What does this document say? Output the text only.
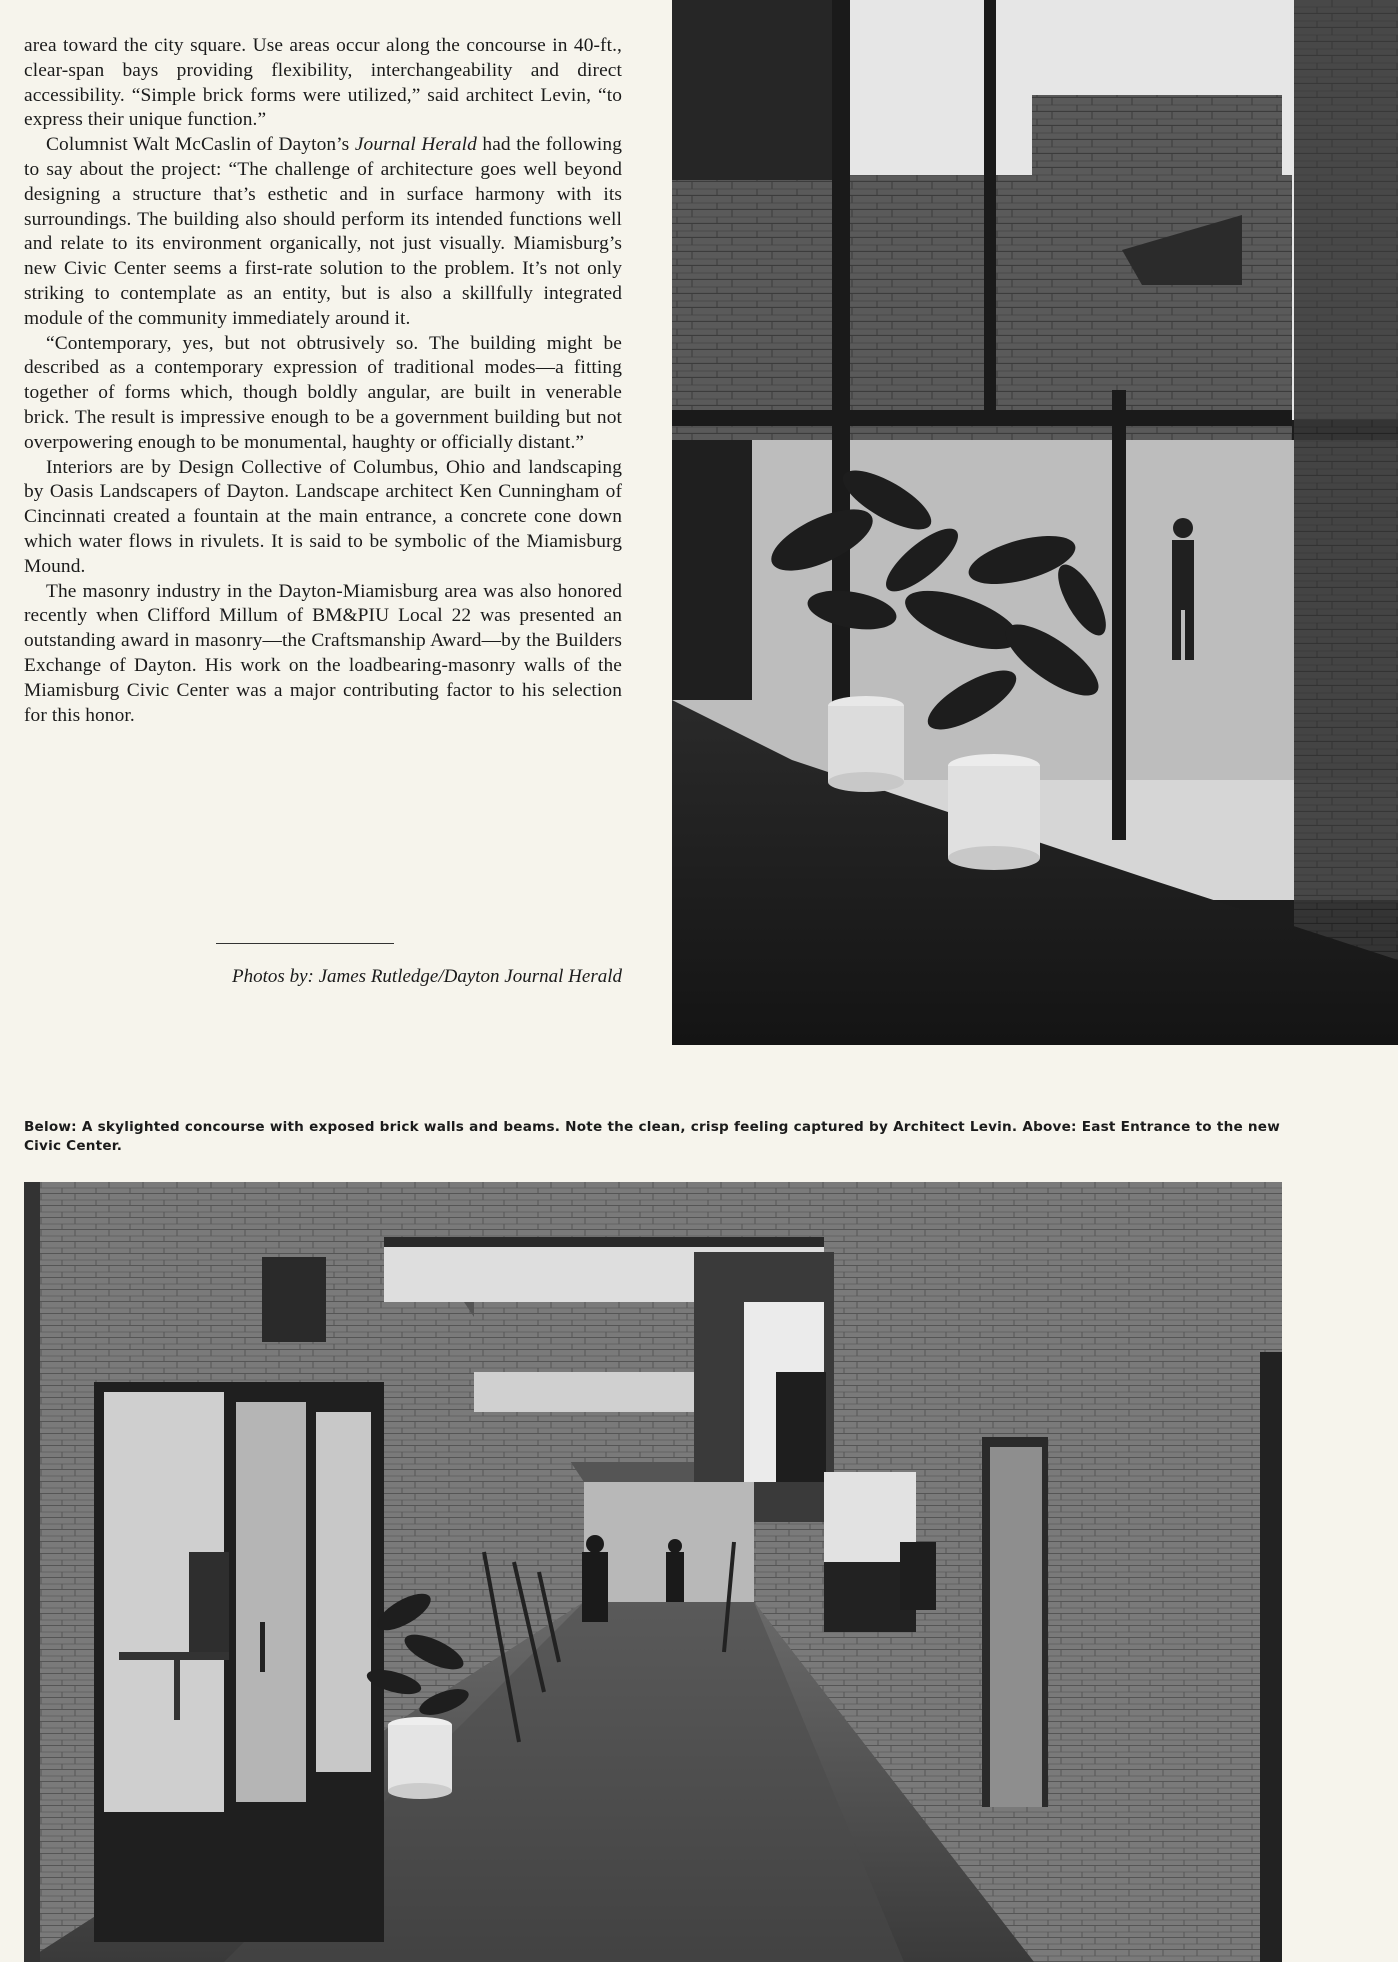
area toward the city square. Use areas occur along the concourse in 40-ft., clear-span bays providing flexibility, interchangeability and direct accessibility. “Simple brick forms were utilized,” said architect Levin, “to express their unique function.”

Columnist Walt McCaslin of Dayton’s Journal Herald had the following to say about the project: “The challenge of architecture goes well beyond designing a structure that’s esthetic and in surface harmony with its surroundings. The building also should perform its intended functions well and relate to its environment organically, not just visually. Miamisburg’s new Civic Center seems a first-rate solution to the problem. It’s not only striking to contemplate as an entity, but is also a skillfully integrated module of the community immediately around it.

“Contemporary, yes, but not obtrusively so. The building might be described as a contemporary expression of traditional modes—a fitting together of forms which, though boldly angular, are built in venerable brick. The result is impressive enough to be a government building but not overpowering enough to be monumental, haughty or officially distant.”

Interiors are by Design Collective of Columbus, Ohio and landscaping by Oasis Landscapers of Dayton. Landscape architect Ken Cunningham of Cincinnati created a fountain at the main entrance, a concrete cone down which water flows in rivulets. It is said to be symbolic of the Miamisburg Mound.

The masonry industry in the Dayton-Miamisburg area was also honored recently when Clifford Millum of BM&PIU Local 22 was presented an outstanding award in masonry—the Craftsmanship Award—by the Builders Exchange of Dayton. His work on the loadbearing-masonry walls of the Miamisburg Civic Center was a major contributing factor to his selection for this honor.

Photos by: James Rutledge/Dayton Journal Herald
Below: A skylighted concourse with exposed brick walls and beams. Note the clean, crisp feeling captured by Architect Levin. Above: East Entrance to the new Civic Center.
